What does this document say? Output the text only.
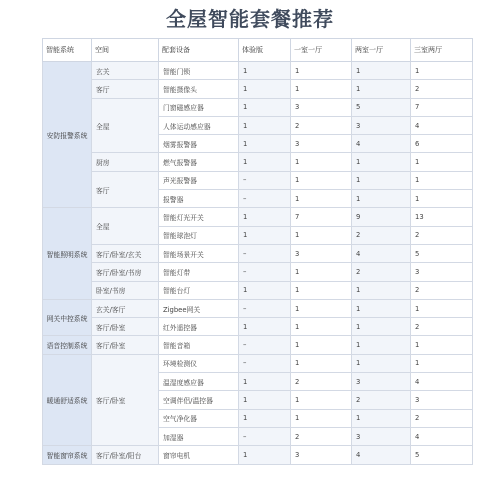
全屋智能套餐推荐
智能系统	空间	配套设备	体验版	一室一厅	两室一厅	三室两厅
安防报警系统	玄关	智能门锁	1	1	1	1
	客厅	智能摄像头	1	1	1	2
	全屋	门窗磁感应器	1	3	5	7
		人体运动感应器	1	2	3	4
		烟雾报警器	1	3	4	6
	厨房	燃气报警器	1	1	1	1
	客厅	声光报警器	–	1	1	1
		报警器	–	1	1	1
智能照明系统	全屋	智能灯光开关	1	7	9	13
		智能球泡灯	1	1	2	2
	客厅/卧室/玄关	智能场景开关	–	3	4	5
	客厅/卧室/书房	智能灯带	–	1	2	3
	卧室/书房	智能台灯	1	1	1	2
网关中控系统	玄关/客厅	Zigbee网关	–	1	1	1
	客厅/卧室	红外遥控器	1	1	1	2
语音控制系统	客厅/卧室	智能音箱	–	1	1	1
暖通舒适系统	客厅/卧室	环境检测仪	–	1	1	1
		温湿度感应器	1	2	3	4
		空调伴侣/温控器	1	1	2	3
		空气净化器	1	1	1	2
		加湿器	–	2	3	4
智能窗帘系统	客厅/卧室/阳台	窗帘电机	1	3	4	5
